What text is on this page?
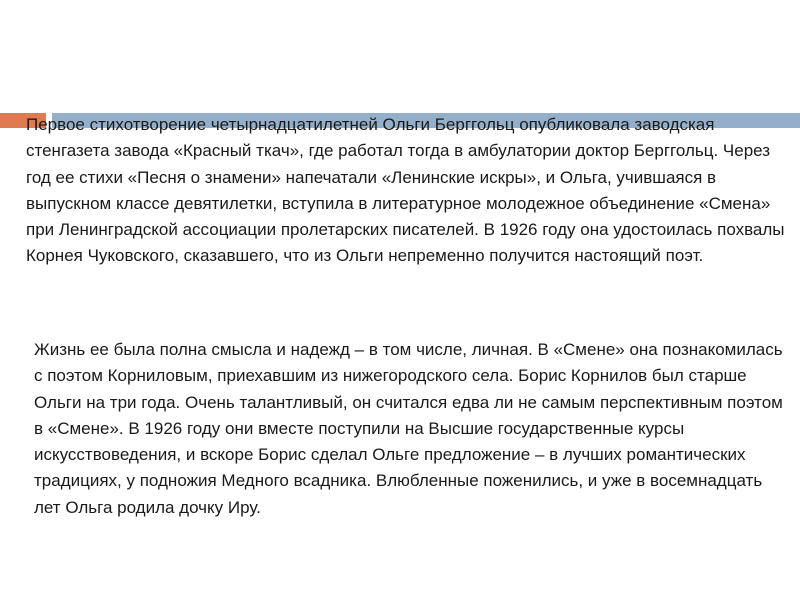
Первое стихотворение четырнадцатилетней Ольги Берггольц опубликовала заводская стенгазета завода «Красный ткач», где работал тогда в амбулатории доктор Берггольц. Через год ее стихи «Песня о знамени» напечатали «Ленинские искры», и Ольга, учившаяся в выпускном классе девятилетки, вступила в литературное молодежное объединение «Смена» при Ленинградской ассоциации пролетарских писателей. В 1926 году она удостоилась похвалы Корнея Чуковского, сказавшего, что из Ольги непременно получится настоящий поэт.

Жизнь ее была полна смысла и надежд – в том числе, личная. В «Смене» она познакомилась с поэтом Корниловым, приехавшим из нижегородского села. Борис Корнилов был старше Ольги на три года. Очень талантливый, он считался едва ли не самым перспективным поэтом в «Смене». В 1926 году они вместе поступили на Высшие государственные курсы искусствоведения, и вскоре Борис сделал Ольге предложение – в лучших романтических традициях, у подножия Медного всадника. Влюбленные поженились, и уже в восемнадцать лет Ольга родила дочку Иру.
